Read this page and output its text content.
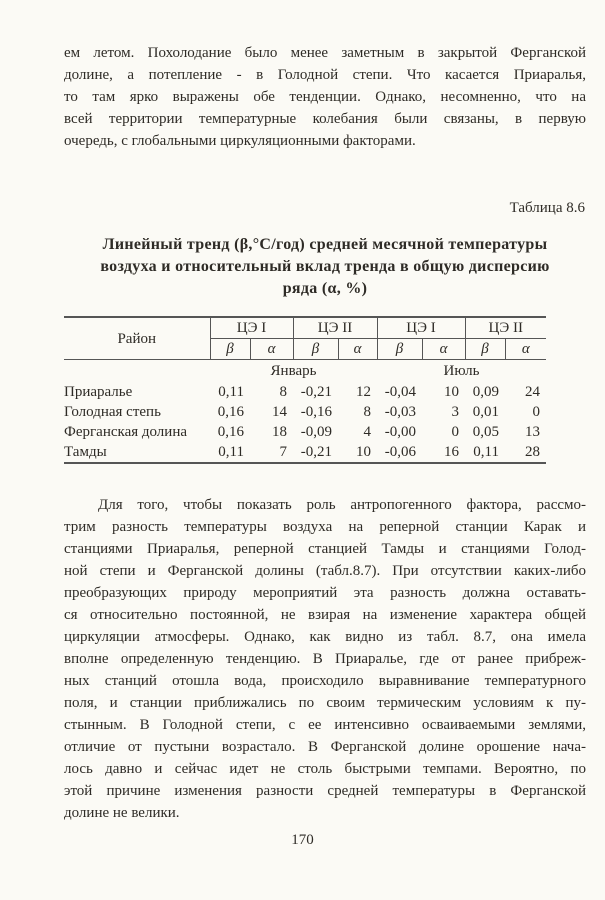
ем летом. Похолодание было менее заметным в закрытой Ферганской
долине, а потепление - в Голодной степи. Что касается Приаралья,
то там ярко выражены обе тенденции. Однако, несомненно, что на
всей территории температурные колебания были связаны, в первую
очередь, с глобальными циркуляционными факторами.
Таблица 8.6
Линейный тренд (β,°C/год) средней месячной температуры
воздуха и относительный вклад тренда в общую дисперсию
ряда (α, %)
Район	ЦЭ I		ЦЭ II		ЦЭ I		ЦЭ II	
	β	α	β	α	β	α	β	α
	Январь				Июль			
Приаралье	0,11	8	-0,21	12	-0,04	10	0,09	24
Голодная степь	0,16	14	-0,16	8	-0,03	3	0,01	0
Ферганская долина	0,16	18	-0,09	4	-0,00	0	0,05	13
Тамды	0,11	7	-0,21	10	-0,06	16	0,11	28
Для того, чтобы показать роль антропогенного фактора, рассмо-
трим разность температуры воздуха на реперной станции Карак и
станциями Приаралья, реперной станцией Тамды и станциями Голод-
ной степи и Ферганской долины (табл.8.7). При отсутствии каких-либо
преобразующих природу мероприятий эта разность должна оставать-
ся относительно постоянной, не взирая на изменение характера общей
циркуляции атмосферы. Однако, как видно из табл. 8.7, она имела
вполне определенную тенденцию. В Приаралье, где от ранее прибреж-
ных станций отошла вода, происходило выравнивание температурного
поля, и станции приближались по своим термическим условиям к пу-
стынным. В Голодной степи, с ее интенсивно осваиваемыми землями,
отличие от пустыни возрастало. В Ферганской долине орошение нача-
лось давно и сейчас идет не столь быстрыми темпами. Вероятно, по
этой причине изменения разности средней температуры в Ферганской
долине не велики.
170
